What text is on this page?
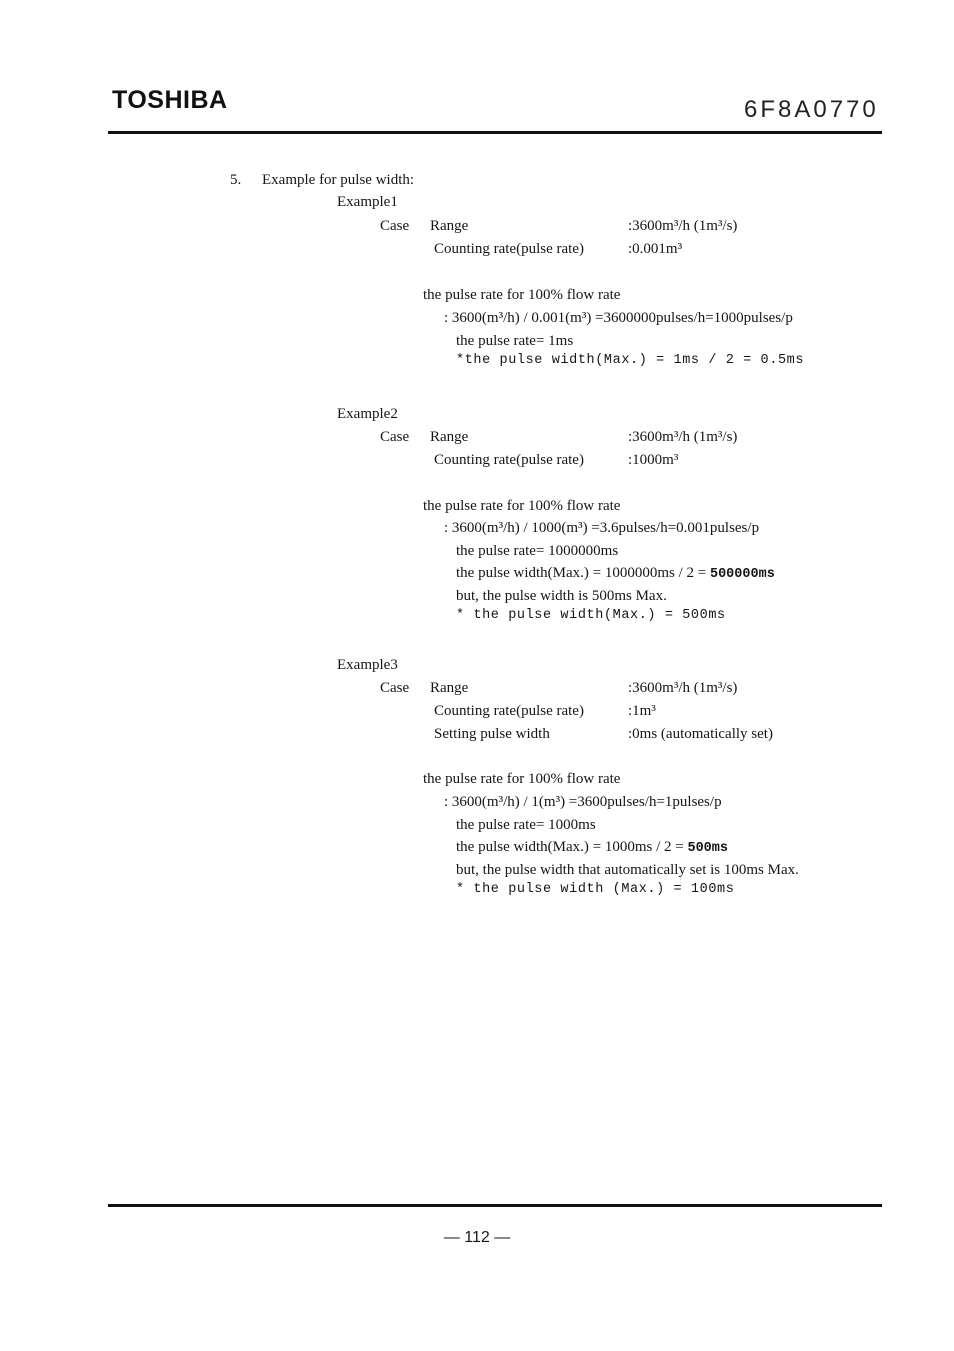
TOSHIBA	6F8A0770
5. Example for pulse width:
Example1
Case Range	:3600m³/h (1m³/s)
Counting rate(pulse rate)	:0.001m³
the pulse rate for 100% flow rate
: 3600(m³/h) / 0.001(m³) =3600000pulses/h=1000pulses/p
the pulse rate= 1ms
*the pulse width(Max.) = 1ms / 2 = 0.5ms
Example2
Case Range	:3600m³/h (1m³/s)
Counting rate(pulse rate)	:1000m³
the pulse rate for 100% flow rate
: 3600(m³/h) / 1000(m³) =3.6pulses/h=0.001pulses/p
the pulse rate= 1000000ms
the pulse width(Max.) = 1000000ms / 2 = 500000ms
but, the pulse width is 500ms Max.
* the pulse width(Max.) = 500ms
Example3
Case Range	:3600m³/h (1m³/s)
Counting rate(pulse rate)	:1m³
Setting pulse width	:0ms (automatically set)
the pulse rate for 100% flow rate
: 3600(m³/h) / 1(m³) =3600pulses/h=1pulses/p
the pulse rate= 1000ms
the pulse width(Max.) = 1000ms / 2 = 500ms
but, the pulse width that automatically set is 100ms Max.
* the pulse width (Max.) = 100ms
— 112 —
